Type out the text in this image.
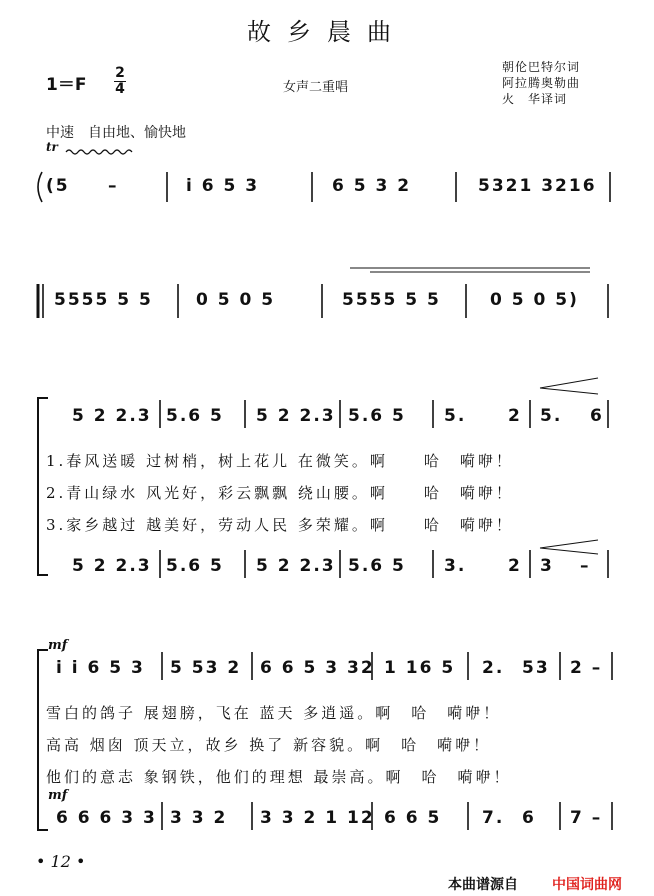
故乡晨曲
1＝F
2
4	女声二重唱
朝伦巴特尔词
阿拉腾奥勒曲
火　华译词
中速　自由地、愉快地
tr
(5 –	i 6 5 3	6 5 3 2	5321 3216
5555 5 5	0 5 0 5	5555 5 5	0 5 0 5)
5 2 2.3 5.6 5 5 2 2.3 5.6 5 5. 2 5. 6
1.春风送暖 过树梢，树上花儿 在微笑。啊　　哈　嗬咿！
2.青山绿水 风光好，彩云飘飘 绕山腰。啊　　哈　嗬咿！
3.家乡越过 越美好，劳动人民 多荣耀。啊　　哈　嗬咿！
5 2 2.3 5.6 5 5 2 2.3 5.6 5 3. 2 3 –
mf
i i 6 5 3 5 53 2 6 6 5 3 32 1 16 5 2. 53 2 –
雪白的鸽子 展翅膀，飞在 蓝天 多逍遥。啊　哈　嗬咿！
高高 烟囱 顶天立，故乡 换了 新容貌。啊　哈　嗬咿！
他们的意志 象钢铁，他们的理想 最崇高。啊　哈　嗬咿！
mf
6 6 6 3 3 3 3 2 3 3 2 1 12 6 6 5 7. 6 7 –
• 12 •
本曲谱源自 中国词曲网
